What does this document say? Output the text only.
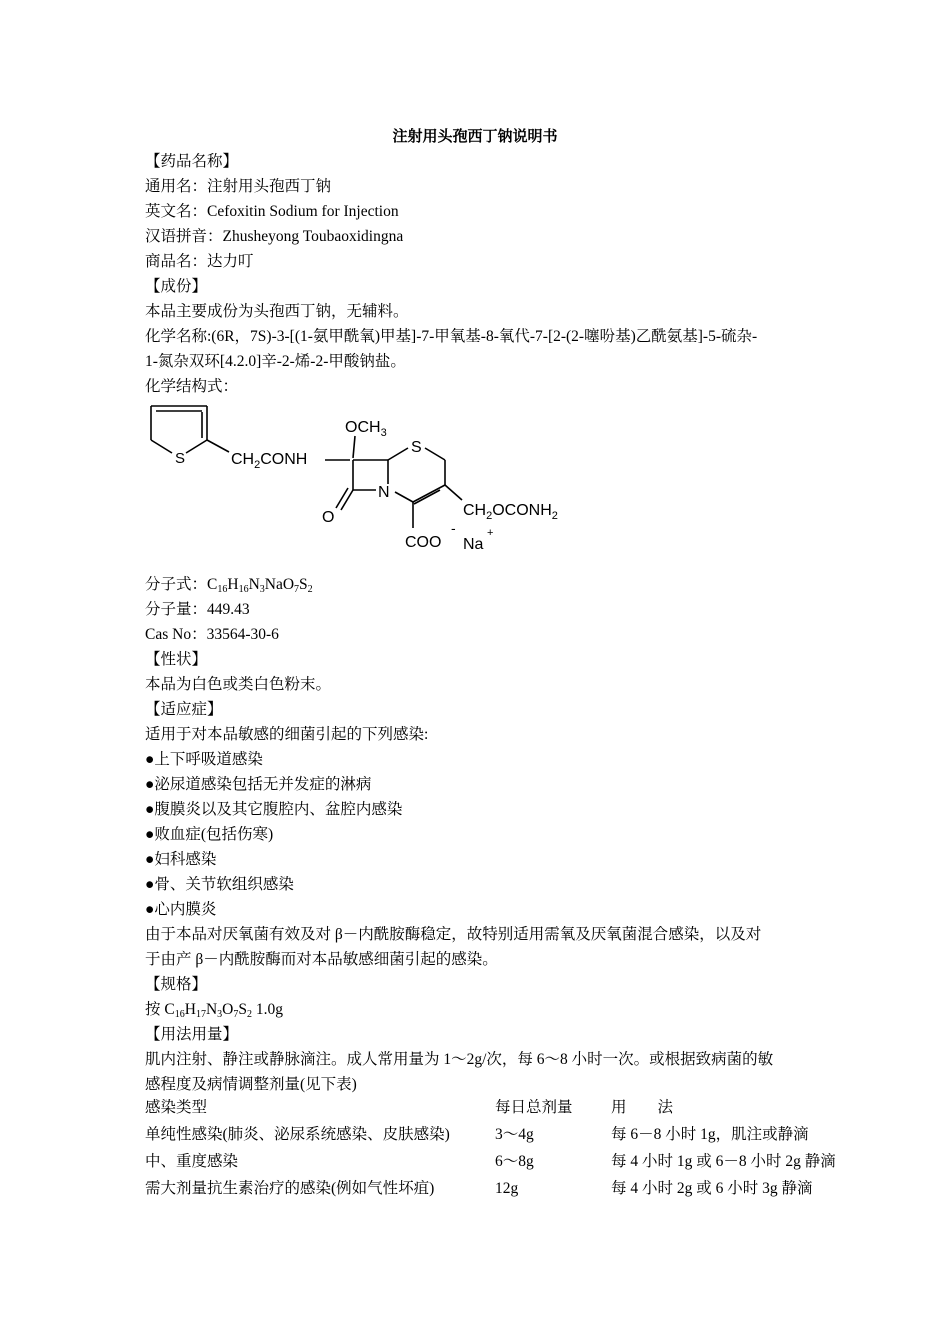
注射用头孢西丁钠说明书
【药品名称】
通用名：注射用头孢西丁钠
英文名：Cefoxitin Sodium for Injection
汉语拼音：Zhusheyong Toubaoxidingna
商品名：达力叮
【成份】
本品主要成份为头孢西丁钠，无辅料。
化学名称:(6R，7S)-3-[(1-氨甲酰氧)甲基]-7-甲氧基-8-氧代-7-[2-(2-噻吩基)乙酰氨基]-5-硫杂-
1-氮杂双环[4.2.0]辛-2-烯-2-甲酸钠盐。
化学结构式：
S	$CH_2CONH$
$OCH_3$
S
N
O	$CH_2OCONH_2$
COO
-
Na
+
分子式：$C_{16}H_{16}N_3NaO_7S_2$
分子量：449.43
Cas No：33564-30-6
【性状】
本品为白色或类白色粉末。
【适应症】
适用于对本品敏感的细菌引起的下列感染:
●上下呼吸道感染
●泌尿道感染包括无并发症的淋病
●腹膜炎以及其它腹腔内、盆腔内感染
●败血症(包括伤寒)
●妇科感染
●骨、关节软组织感染
●心内膜炎
由于本品对厌氧菌有效及对 β－内酰胺酶稳定，故特别适用需氧及厌氧菌混合感染，以及对
于由产 β－内酰胺酶而对本品敏感细菌引起的感染。
【规格】
按 $C_{16}H_{17}N_3O_7S_2$ 1.0g
【用法用量】
肌内注射、静注或静脉滴注。成人常用量为 1～2g/次，每 6～8 小时一次。或根据致病菌的敏
感程度及病情调整剂量(见下表)
感染类型	每日总剂量 用　　法
单纯性感染(肺炎、泌尿系统感染、皮肤感染)	3～4g	每 6－8 小时 1g，肌注或静滴
中、重度感染	6～8g	每 4 小时 1g 或 6－8 小时 2g 静滴
需大剂量抗生素治疗的感染(例如气性坏疽)	12g	每 4 小时 2g 或 6 小时 3g 静滴
